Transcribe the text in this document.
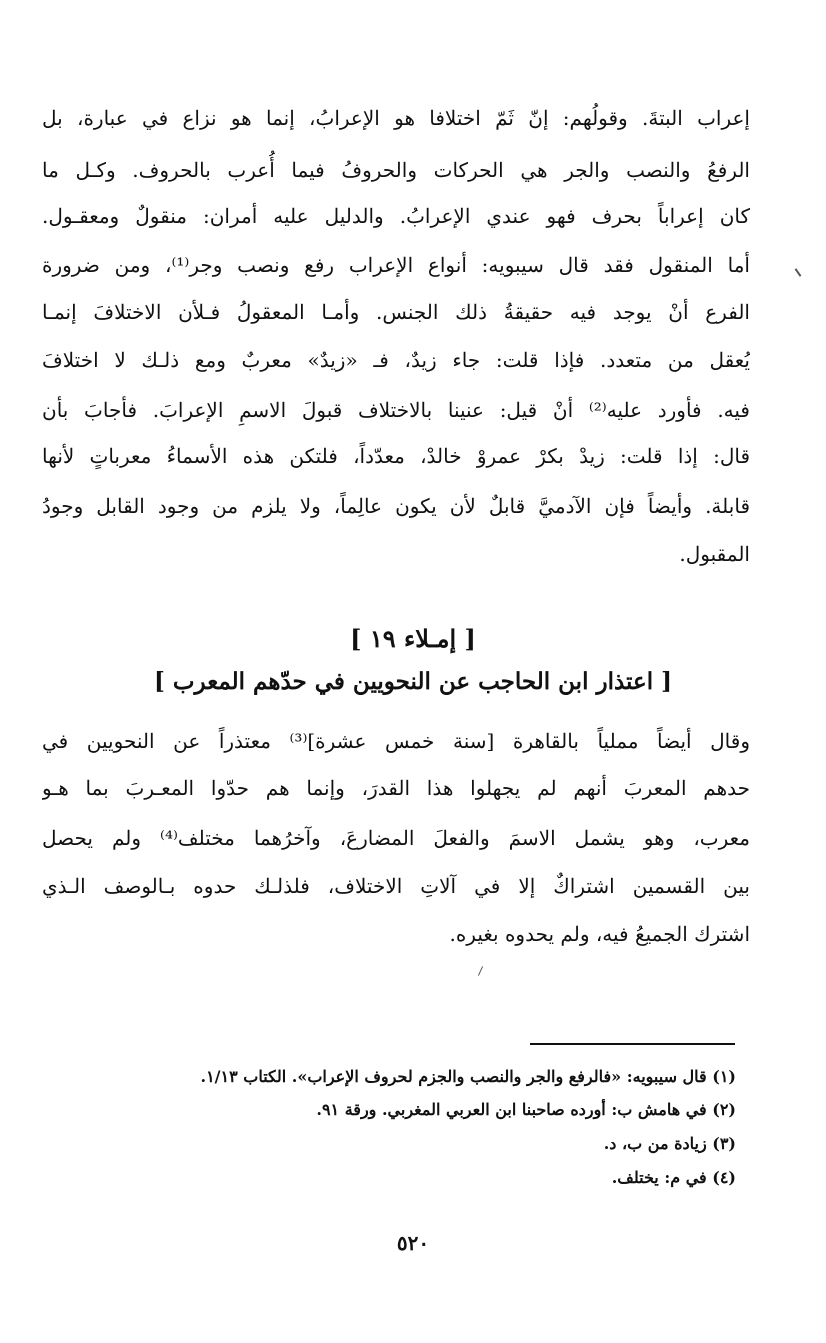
إعراب البتةَ. وقولُهم: إنّ ثَمّ اختلافا هو الإعرابُ، إنما هو نزاع في عبارة، بل
الرفعُ والنصب والجر هي الحركات والحروفُ فيما أُعرب بالحروف. وكـل ما
كان إعراباً بحرف فهو عندي الإعرابُ. والدليل عليه أمران: منقولٌ ومعقـول.
أما المنقول فقد قال سيبويه: أنواع الإعراب رفع ونصب وجر⁽¹⁾، ومن ضرورة
الفرع أنْ يوجد فيه حقيقةُ ذلك الجنس. وأمـا المعقولُ فـلأن الاختلافَ إنمـا
يُعقل من متعدد. فإذا قلت: جاء زيدٌ، فـ «زيدٌ» معربٌ ومع ذلـك لا اختلافَ
فيه. فأورد عليه⁽²⁾ أنْ قيل: عنينا بالاختلاف قبولَ الاسمِ الإعرابَ. فأجابَ بأن
قال: إذا قلت: زيدْ بكرْ عمروْ خالدْ، معدّداً، فلتكن هذه الأسماءُ معرباتٍ لأنها
قابلة. وأيضاً فإن الآدميَّ قابلٌ لأن يكون عالِماً، ولا يلزم من وجود القابل وجودُ
المقبول.
[ إمـلاء ١٩ ]
[ اعتذار ابن الحاجب عن النحويين في حدّهم المعرب ]
وقال أيضاً مملياً بالقاهرة [سنة خمس عشرة]⁽³⁾ معتذراً عن النحويين في
حدهم المعربَ أنهم لم يجهلوا هذا القدرَ، وإنما هم حدّوا المعـربَ بما هـو
معرب، وهو يشمل الاسمَ والفعلَ المضارعَ، وآخرُهما مختلف⁽⁴⁾ ولم يحصل
بين القسمين اشتراكٌ إلا في آلاتِ الاختلاف، فلذلـك حدوه بـالوصف الـذي
اشترك الجميعُ فيه، ولم يحدوه بغيره.
(١) قال سيبويه: «فالرفع والجر والنصب والجزم لحروف الإعراب». الكتاب ١/١٣.
(٢) في هامش ب: أورده صاحبنا ابن العربي المغربي. ورقة ٩١.
(٣) زيادة من ب، د.
(٤) في م: يختلف.
٥٢٠
